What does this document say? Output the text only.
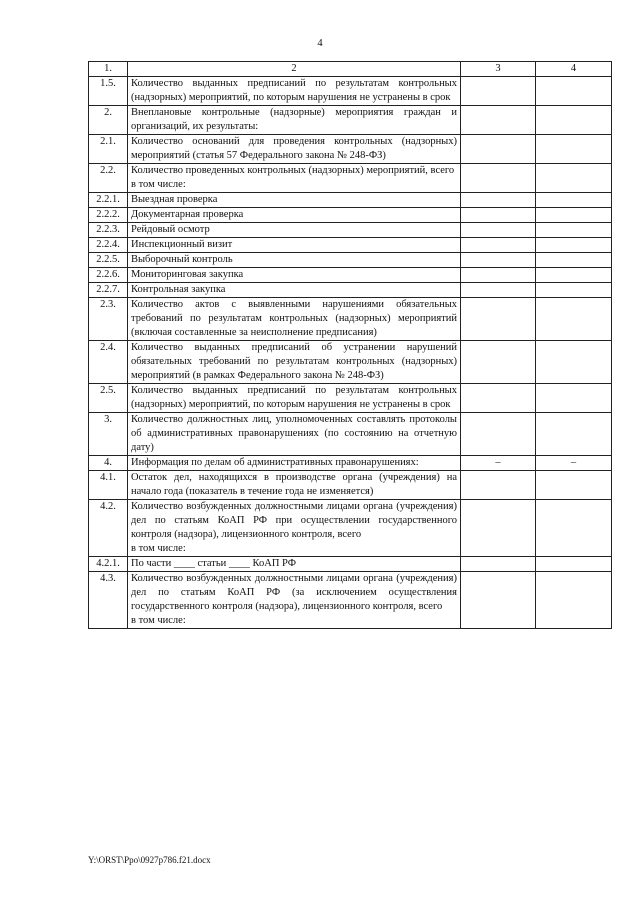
4
1.	2	3	4
1.5.	Количество выданных предписаний по результатам контрольных (надзорных) мероприятий, по которым нарушения не устранены в срок		
2.	Внеплановые контрольные (надзорные) мероприятия граждан и организаций, их результаты:		
2.1.	Количество оснований для проведения контрольных (надзорных) мероприятий (статья 57 Федерального закона № 248-ФЗ)		
2.2.	Количество проведенных контрольных (надзорных) мероприятий, всего
в том числе:		
2.2.1.	Выездная проверка		
2.2.2.	Документарная проверка		
2.2.3.	Рейдовый осмотр		
2.2.4.	Инспекционный визит		
2.2.5.	Выборочный контроль		
2.2.6.	Мониторинговая закупка		
2.2.7.	Контрольная закупка		
2.3.	Количество актов с выявленными нарушениями обязательных требований по результатам контрольных (надзорных) мероприятий (включая составленные за неисполнение предписания)		
2.4.	Количество выданных предписаний об устранении нарушений обязательных требований по результатам контрольных (надзорных) мероприятий (в рамках Федерального закона № 248-ФЗ)		
2.5.	Количество выданных предписаний по результатам контрольных (надзорных) мероприятий, по которым нарушения не устранены в срок		
3.	Количество должностных лиц, уполномоченных составлять протоколы об административных правонарушениях (по состоянию на отчетную дату)		
4.	Информация по делам об административных правонарушениях:	–	–
4.1.	Остаток дел, находящихся в производстве органа (учреждения) на начало года (показатель в течение года не изменяется)		
4.2.	Количество возбужденных должностными лицами органа (учреждения) дел по статьям КоАП РФ при осуществлении государственного контроля (надзора), лицензионного контроля, всего
в том числе:		
4.2.1.	По части ____ статьи ____ КоАП РФ		
4.3.	Количество возбужденных должностными лицами органа (учреждения) дел по статьям КоАП РФ (за исключением осуществления государственного контроля (надзора), лицензионного контроля, всего
в том числе:		
Y:\ORST\Ppo\0927p786.f21.docx
